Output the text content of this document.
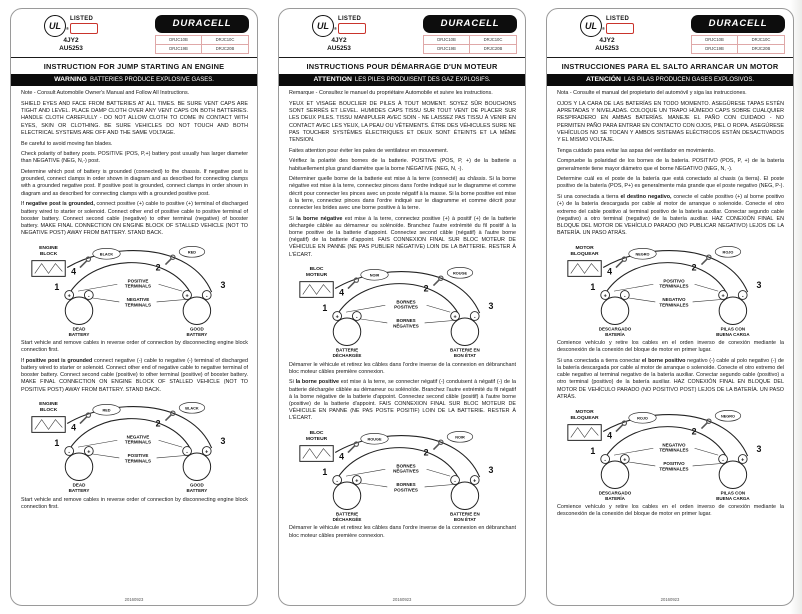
UL ®
LISTED
4JY2
AU5253
DURACELL
DRJC10B	DRJC10C
DRJC19B	DRJC20B
INSTRUCTION FOR JUMP STARTING AN ENGINE
WARNING BATTERIES PRODUCE EXPLOSIVE GASES.

Note - Consult Automobile Owner's Manual and Follow All Instructions.

SHIELD EYES AND FACE FROM BATTERIES AT ALL TIMES. BE SURE VENT CAPS ARE TIGHT AND LEVEL. PLACE DAMP CLOTH OVER ANY VENT CAPS ON BOTH BATTERIES. HANDLE CLOTH CAREFULLY - DO NOT ALLOW CLOTH TO COME IN CONTACT WITH EYES, SKIN OR CLOTHING. BE SURE VEHICLES DO NOT TOUCH AND BOTH ELECTRICAL SYSTEMS ARE OFF AND THE SAME VOLTAGE.

Be careful to avoid moving fan blades.

Check polarity of battery posts. POSITIVE (POS, P,+) battery post usually has larger diameter than NEGATIVE (NEG, N,-) post.

Determine which post of battery is grounded (connected) to the chassis. If negative post is grounded, connect clamps in order shown in diagram and as described for connecting clamps with a grounded negative post. If positive post is grounded, connect clamps in order shown in diagram and as described for connecting clamps with a grounded positive post.

If negative post is grounded, connect positive (+) cable to positive (+) terminal of discharged battery wired to starter or solenoid. Connect other end of positive cable to positive terminal of booster battery. Connect second cable (negative) to other terminal (negative) of booster battery. MAKE FINAL CONNECTION ON ENGINE BLOCK OF STALLED VEHICLE (NOT TO NEGATIVE POST) AWAY FROM BATTERY. STAND BACK.

ENGINE
BLOCK
4	2
1	3
BLACK	RED
POSITIVE
TERMINALS
NEGATIVE
TERMINALS
+	-	+	-
DEAD
BATTERY
GOOD
BATTERY

Start vehicle and remove cables in reverse order of connection by disconnecting engine block connection first.

If positive post is grounded connect negative (-) cable to negative (-) terminal of discharged battery wired to starter or solenoid. Connect other end of negative cable to negative terminal of booster battery. Connect second cable (positive) to other terminal (positive) of booster battery. MAKE FINAL CONNECTION ON ENGINE BLOCK OF STALLED VEHICLE (NOT TO POSITIVE POST) AWAY FROM BATTERY. STAND BACK.

ENGINE
BLOCK
4	2
1	3
RED	BLACK
NEGATIVE
TERMINALS
POSITIVE
TERMINALS
-	+	-	+
DEAD
BATTERY
GOOD
BATTERY

Start vehicle and remove cables in reverse order of connection by disconnecting engine block connection first.

20160923
UL ®
LISTED
4JY2
AU5253
DURACELL
DRJC10B	DRJC10C
DRJC19B	DRJC20B
INSTRUCTIONS POUR DÉMARRAGE D'UN MOTEUR
ATTENTION LES PILES PRODUISENT DES GAZ EXPLOSIFS.

Remarque - Consultez le manuel du propriétaire Automobile et suivre les instructions.

YEUX ET VISAGE BOUCLIER DE PILES À TOUT MOMENT. SOYEZ SÛR BOUCHONS SONT SERRÉS ET LEVEL. HUMIDES CAPS TISSU SUR TOUT VENT DE PLACER SUR LES DEUX PILES. TISSU MANIPULER AVEC SOIN - NE LAISSEZ PAS TISSU À VENIR EN CONTACT AVEC LES YEUX, LA PEAU OU VÊTEMENTS. ÊTRE DES VÉHICULES SURE NE PAS TOUCHER SYSTÈMES ÉLECTRIQUES ET DEUX SONT ÉTEINTS ET LA MÊME TENSION.

Faites attention pour éviter les pales de ventilateur en mouvement.

Vérifiez la polarité des bornes de la batterie. POSITIVE (POS, P, +) de la batterie a habituellement plus grand diamètre que la borne NÉGATIVE (NEG, N, -).

Déterminer quelle borne de la batterie est mise à la terre (connecté) au châssis. Si la borne négative est mise à la terre, connectez pinces dans l'ordre indiqué sur le diagramme et comme décrit pour connecter les pinces avec un poste négatif à la masse. Si la borne positive est mise à la terre, connectez pinces dans l'ordre indiqué sur le diagramme et comme décrit pour connecter les brides avec une borne positive à la terre.

Si la borne négative est mise à la terre, connectez positive (+) à positif (+) de la batterie déchargée câblée au démarreur ou solénoïde. Branchez l'autre extrémité du fil positif à la borne positive de la batterie d'appoint. Connectez second câble (négatif) à l'autre borne (négatif) de la batterie d'appoint. FAIS CONNEXION FINAL SUR BLOC MOTEUR DE VÉHICULE EN PANNE (NE PAS PUBLIER NÉGATIVE) LOIN DE LA BATTERIE. RESTER À L'ÉCART.

BLOC
MOTEUR
4	2
1	3
NOIR	ROUGE
BORNES
POSITIVES
BORNES
NÉGATIVES
+	-	+	-
BATTERIE
DÉCHARGÉE
BATTERIE EN
BON ÉTAT

Démarrer le véhicule et retirez les câbles dans l'ordre inverse de la connexion en débranchant bloc moteur câbles première connexion.

Si la borne positive est mise à la terre, se connecter négatif (-) conduisent à négatif (-) de la batterie déchargée câblée au démarreur ou solénoïde. Branchez l'autre extrémité du fil négatif à la borne négative de la batterie d'appoint. Connectez second câble (positif) à l'autre borne (positive) de la batterie d'appoint. FAIS CONNEXION FINAL SUR BLOC MOTEUR DE VÉHICULE EN PANNE (NE PAS POSTE POSITIF) LOIN DE LA BATTERIE. RESTER À L'ÉCART.

BLOC
MOTEUR
4	2
1	3
ROUGE	NOIR
BORNES
NÉGATIVES
BORNES
POSITIVES
-	+	-	+
BATTERIE
DÉCHARGÉE
BATTERIE EN
BON ÉTAT

Démarrer le véhicule et retirez les câbles dans l'ordre inverse de la connexion en débranchant bloc moteur câbles première connexion.

20160923
UL ®
LISTED
4JY2
AU5253
DURACELL
DRJC10B	DRJC10C
DRJC19B	DRJC20B
INSTRUCCIONES PARA EL SALTO ARRANCAR UN MOTOR
ATENCIÓN LAS PILAS PRODUCEN GASES EXPLOSIVOS.

Nota - Consulte el manual del propietario del automóvil y siga las instrucciones.

OJOS Y LA CARA DE LAS BATERÍAS EN TODO MOMENTO. ASEGÚRESE TAPAS ESTÉN APRETADAS Y NIVELADAS. COLOQUE UN TRAPO HÚMEDO CAPS SOBRE CUALQUIER RESPIRADERO EN AMBAS BATERÍAS. MANEJE EL PAÑO CON CUIDADO - NO PERMITEN PAÑO PARA ENTRAR EN CONTACTO CON OJOS, PIEL O ROPA. ASEGÚRESE VEHÍCULOS NO SE TOCAN Y AMBOS SISTEMAS ELÉCTRICOS ESTÁN DESACTIVADOS Y EL MISMO VOLTAJE.

Tenga cuidado para evitar las aspas del ventilador en movimiento.

Compruebe la polaridad de los bornes de la batería. POSITIVO (POS, P, +) de la batería generalmente tiene mayor diámetro que el borne NEGATIVO (NEG, N, -).

Determine cuál es el poste de la batería que está conectado al chasis (a tierra). El poste positivo de la batería (POS, P+) es generalmente más grande que el poste negativo (NEG, P-).

Si una conectada a tierra el destino negativo, conecte el cable positivo (+) al borne positivo (+) de la batería descargada por cable al motor de arranque o solenoide. Conecte el otro extremo del cable positivo al terminal positivo de la batería auxiliar. Conectar segundo cable (negativo) a otro terminal (negativo) de la batería auxiliar. HAZ CONEXIÓN FINAL EN BLOQUE DEL MOTOR DE VEHÍCULO PARADO (NO PUBLICAR NEGATIVO) LEJOS DE LA BATERÍA. UN PASO ATRÁS.

MOTOR
BLOQUEAR
4	2
1	3
NEGRO	ROJO
POSITIVO
TERMINALES
NEGATIVO
TERMINALES
+	-	+	-
DESCARGADO
BATERÍA
PILAS CON
BUENA CARGA

Comience vehículo y retire los cables en el orden inverso de conexión mediante la desconexión de la conexión del bloque de motor en primer lugar.

Si una conectada a tierra conectar el borne positivo negativo (-) cable al polo negativo (-) de la batería descargada por cable al motor de arranque o solenoide. Conecte el otro extremo del cable negativo al terminal negativo de la batería auxiliar. Conectar segundo cable (positivo) a otro terminal (positivo) de la batería auxiliar. HAZ CONEXIÓN FINAL EN BLOQUE DEL MOTOR DE VEHÍCULO PARADO (NO POSITIVO POST) LEJOS DE LA BATERÍA. UN PASO ATRÁS.

MOTOR
BLOQUEAR
4	2
1	3
ROJO	NEGRO
NEGATIVO
TERMINALES
POSITIVO
TERMINALES
-	+	-	+
DESCARGADO
BATERÍA
PILAS CON
BUENA CARGA

Comience vehículo y retire los cables en el orden inverso de conexión mediante la desconexión de la conexión del bloque de motor en primer lugar.

20160923
